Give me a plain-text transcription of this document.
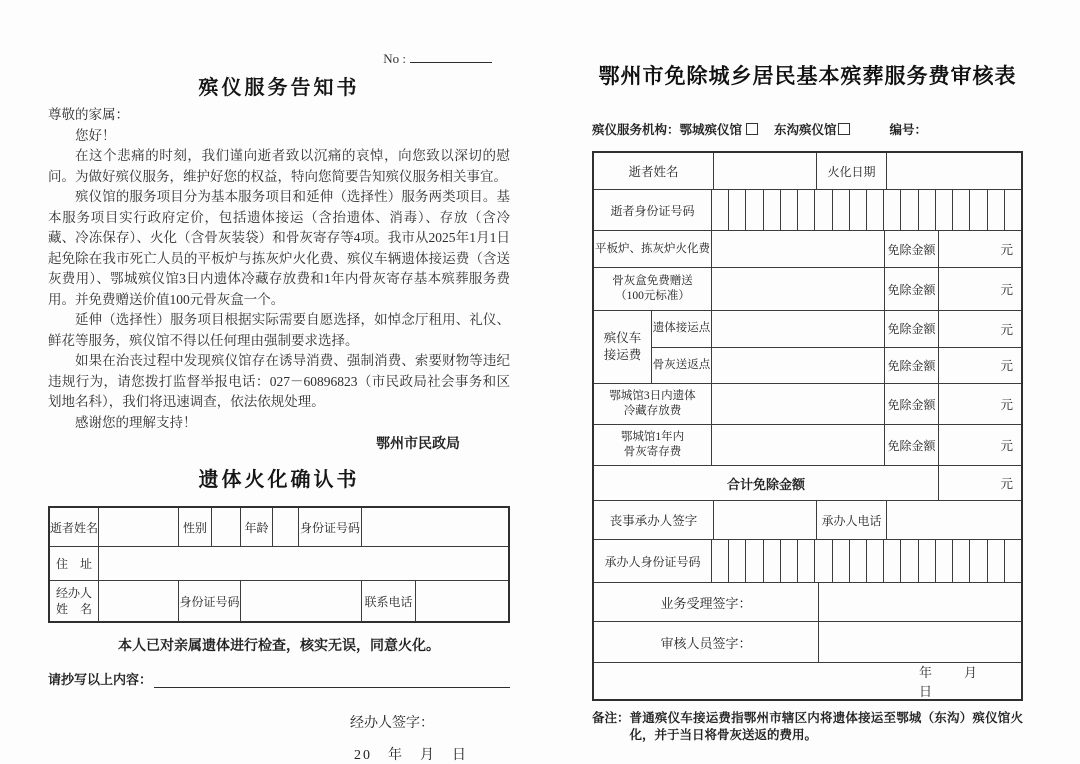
No :
殡仪服务告知书

尊敬的家属：

您好！

在这个悲痛的时刻，我们谨向逝者致以沉痛的哀悼，向您致以深切的慰问。为做好殡仪服务，维护好您的权益，特向您简要告知殡仪服务相关事宜。

殡仪馆的服务项目分为基本服务项目和延伸（选择性）服务两类项目。基本服务项目实行政府定价，包括遗体接运（含抬遗体、消毒）、存放（含冷藏、冷冻保存）、火化（含骨灰装袋）和骨灰寄存等4项。我市从2025年1月1日起免除在我市死亡人员的平板炉与拣灰炉火化费、殡仪车辆遗体接运费（含送灰费用）、鄂城殡仪馆3日内遗体冷藏存放费和1年内骨灰寄存基本殡葬服务费用。并免费赠送价值100元骨灰盒一个。

延伸（选择性）服务项目根据实际需要自愿选择，如悼念厅租用、礼仪、鲜花等服务，殡仪馆不得以任何理由强制要求选择。

如果在治丧过程中发现殡仪馆存在诱导消费、强制消费、索要财物等违纪违规行为，请您拨打监督举报电话：027－60896823（市民政局社会事务和区划地名科），我们将迅速调查，依法依规处理。

感谢您的理解支持！

鄂州市民政局
遗体火化确认书
逝者姓名	性别	年龄	身份证号码
住　址
经办人
姓　名
身份证号码	联系电话
本人已对亲属遗体进行检查，核实无误，同意火化。
请抄写以上内容：
经办人签字：
20　年　月　日
鄂州市免除城乡居民基本殡葬服务费审核表
殡仪服务机构： 鄂城殡仪馆	东沟殡仪馆	编号：
逝者姓名	火化日期
逝者身份证号码
平板炉、拣灰炉火化费	免除金额	元
骨灰盒免费赠送
（100元标准）	免除金额	元
殡仪车
接运费
遗体接运点	免除金额	元
骨灰送返点	免除金额	元
鄂城馆3日内遗体
冷藏存放费	免除金额	元
鄂城馆1年内
骨灰寄存费	免除金额	元
合计免除金额	元
丧事承办人签字	承办人电话
承办人身份证号码
业务受理签字：
审核人员签字：
年　　月　　日
备注： 普通殡仪车接运费指鄂州市辖区内将遗体接运至鄂城（东沟）殡仪馆火化，并于当日将骨灰送返的费用。
